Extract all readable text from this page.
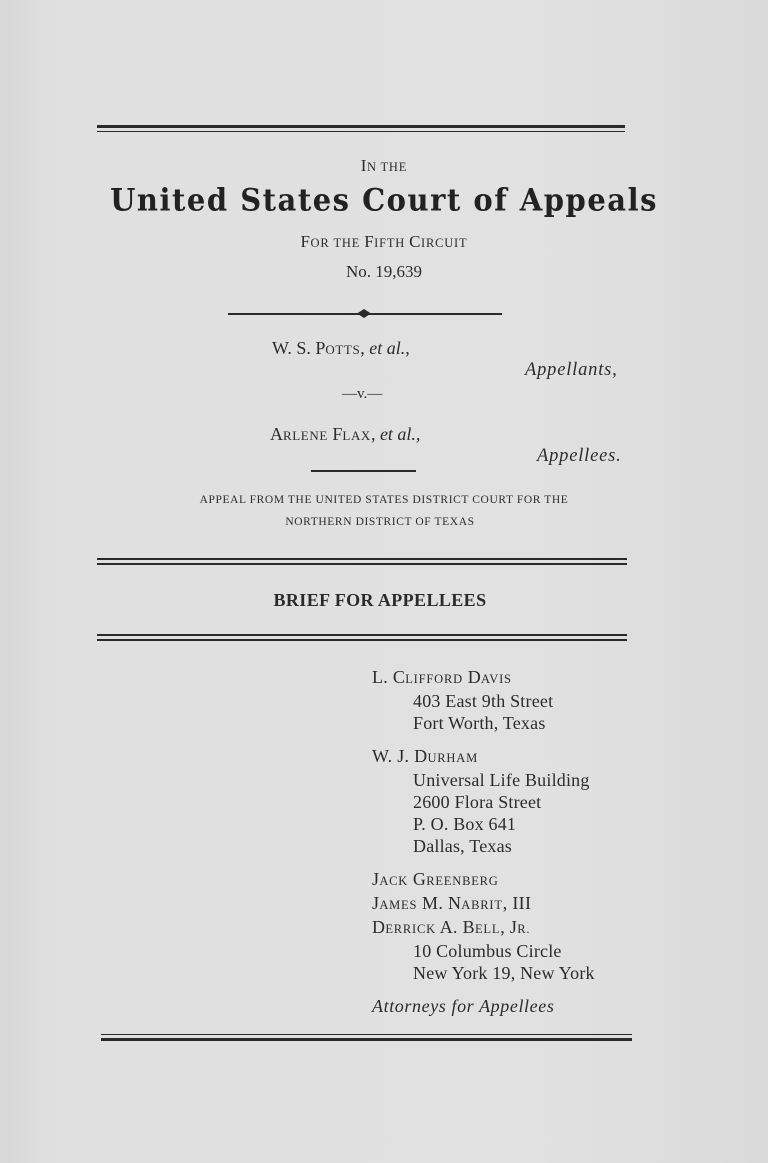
IN THE
United States Court of Appeals
FOR THE FIFTH CIRCUIT
No. 19,639
W. S. POTTS, et al.,
Appellants,
—v.—
ARLENE FLAX, et al.,
Appellees.
APPEAL FROM THE UNITED STATES DISTRICT COURT FOR THE
NORTHERN DISTRICT OF TEXAS
BRIEF FOR APPELLEES
L. CLIFFORD DAVIS
403 East 9th Street
Fort Worth, Texas
W. J. DURHAM
Universal Life Building
2600 Flora Street
P. O. Box 641
Dallas, Texas
JACK GREENBERG
JAMES M. NABRIT, III
DERRICK A. BELL, JR.
10 Columbus Circle
New York 19, New York
Attorneys for Appellees
